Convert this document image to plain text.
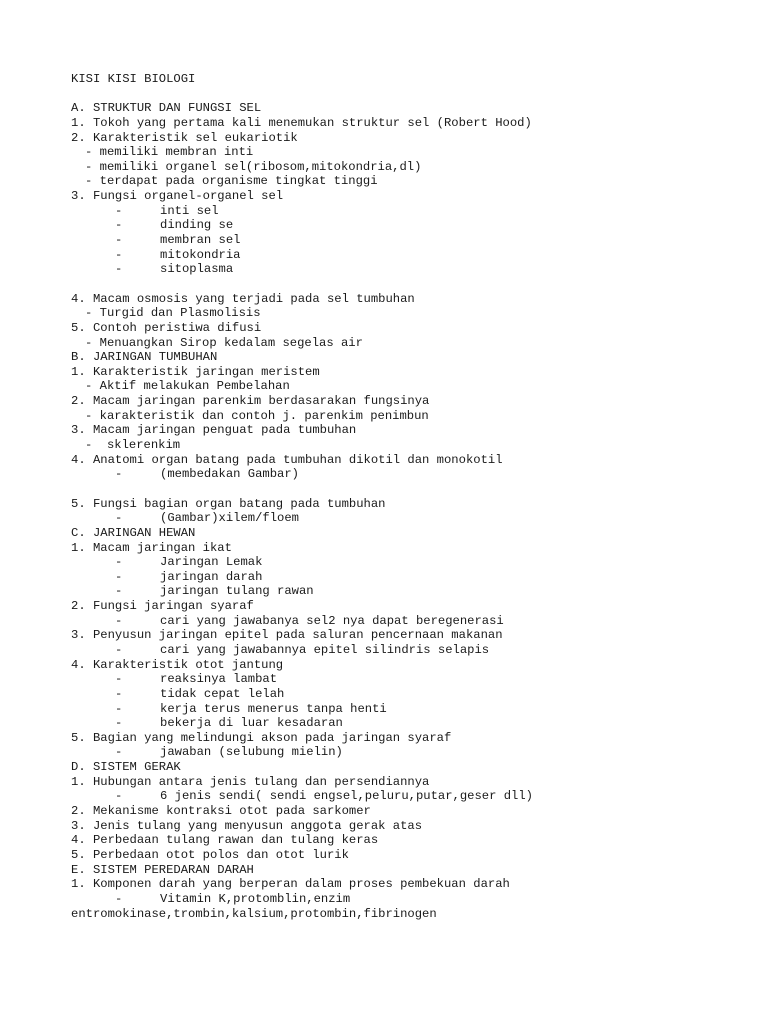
KISI KISI BIOLOGI
A. STRUKTUR DAN FUNGSI SEL
1. Tokoh yang pertama kali menemukan struktur sel (Robert Hood)
2. Karakteristik sel eukariotik
- memiliki membran inti
- memiliki organel sel(ribosom,mitokondria,dl)
- terdapat pada organisme tingkat tinggi
3. Fungsi organel-organel sel
-	inti sel
-	dinding se
-	membran sel
-	mitokondria
-	sitoplasma
4. Macam osmosis yang terjadi pada sel tumbuhan
- Turgid dan Plasmolisis
5. Contoh peristiwa difusi
- Menuangkan Sirop kedalam segelas air
B. JARINGAN TUMBUHAN
1. Karakteristik jaringan meristem
- Aktif melakukan Pembelahan
2. Macam jaringan parenkim berdasarakan fungsinya
- karakteristik dan contoh j. parenkim penimbun
3. Macam jaringan penguat pada tumbuhan
-  sklerenkim
4. Anatomi organ batang pada tumbuhan dikotil dan monokotil
-	(membedakan Gambar)
5. Fungsi bagian organ batang pada tumbuhan
-	(Gambar)xilem/floem
C. JARINGAN HEWAN
1. Macam jaringan ikat
-	Jaringan Lemak
-	jaringan darah
-	jaringan tulang rawan
2. Fungsi jaringan syaraf
-	cari yang jawabanya sel2 nya dapat beregenerasi
3. Penyusun jaringan epitel pada saluran pencernaan makanan
-	cari yang jawabannya epitel silindris selapis
4. Karakteristik otot jantung
-	reaksinya lambat
-	tidak cepat lelah
-	kerja terus menerus tanpa henti
-	bekerja di luar kesadaran
5. Bagian yang melindungi akson pada jaringan syaraf
-	jawaban (selubung mielin)
D. SISTEM GERAK
1. Hubungan antara jenis tulang dan persendiannya
-	6 jenis sendi( sendi engsel,peluru,putar,geser dll)
2. Mekanisme kontraksi otot pada sarkomer
3. Jenis tulang yang menyusun anggota gerak atas
4. Perbedaan tulang rawan dan tulang keras
5. Perbedaan otot polos dan otot lurik
E. SISTEM PEREDARAN DARAH
1. Komponen darah yang berperan dalam proses pembekuan darah
-	Vitamin K,protomblin,enzim
entromokinase,trombin,kalsium,protombin,fibrinogen
